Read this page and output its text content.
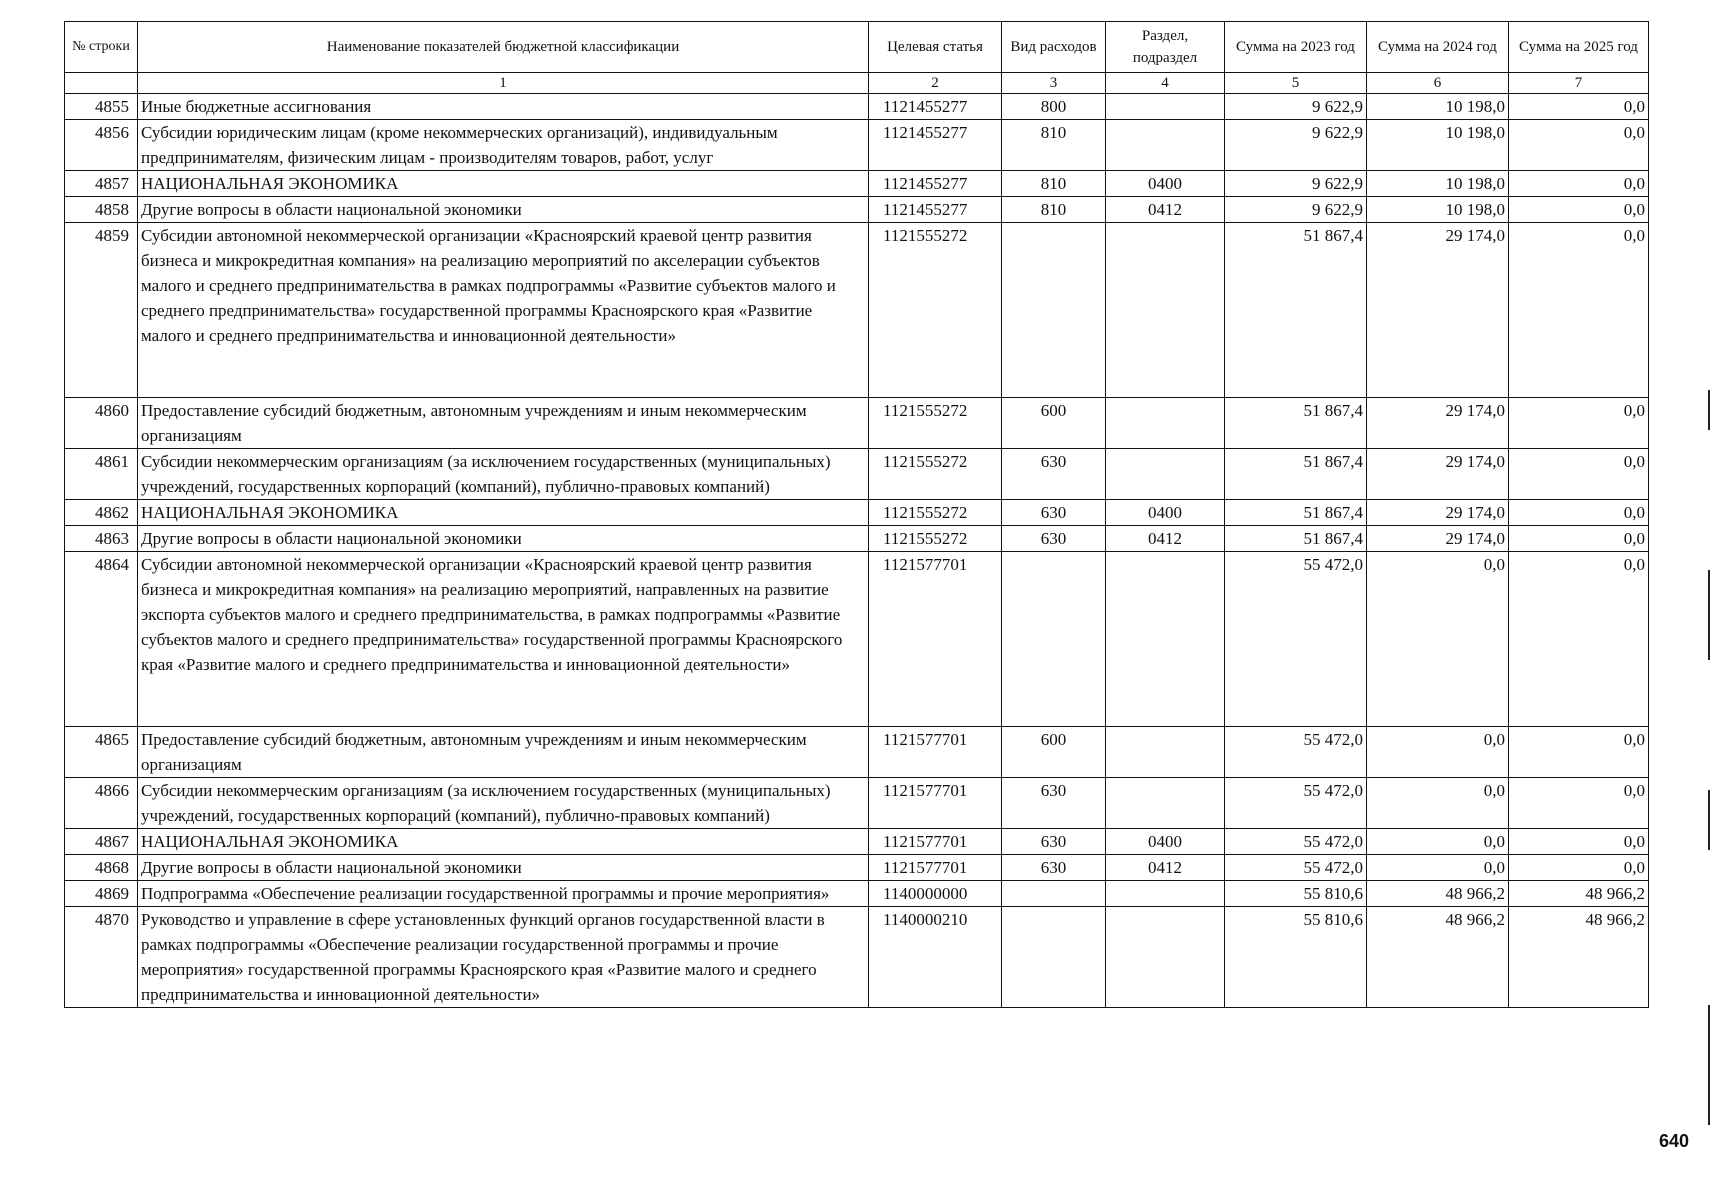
№ строки	Наименование показателей бюджетной классификации	Целевая статья	Вид расходов	Раздел, подраздел	Сумма на 2023 год	Сумма на 2024 год	Сумма на 2025 год
	1	2	3	4	5	6	7
4855	Иные бюджетные ассигнования	1121455277	800		9 622,9	10 198,0	0,0
4856	Субсидии юридическим лицам (кроме некоммерческих организаций), индивидуальным предпринимателям, физическим лицам - производителям товаров, работ, услуг	1121455277	810		9 622,9	10 198,0	0,0
4857	НАЦИОНАЛЬНАЯ ЭКОНОМИКА	1121455277	810	0400	9 622,9	10 198,0	0,0
4858	Другие вопросы в области национальной экономики	1121455277	810	0412	9 622,9	10 198,0	0,0
4859	Субсидии автономной некоммерческой организации «Красноярский краевой центр развития бизнеса и микрокредитная компания» на реализацию мероприятий по акселерации субъектов малого и среднего предпринимательства в рамках подпрограммы «Развитие субъектов малого и среднего предпринимательства» государственной программы Красноярского края «Развитие малого и среднего предпринимательства и инновационной деятельности»	1121555272			51 867,4	29 174,0	0,0
4860	Предоставление субсидий бюджетным, автономным учреждениям и иным некоммерческим организациям	1121555272	600		51 867,4	29 174,0	0,0
4861	Субсидии некоммерческим организациям (за исключением государственных (муниципальных) учреждений, государственных корпораций (компаний), публично-правовых компаний)	1121555272	630		51 867,4	29 174,0	0,0
4862	НАЦИОНАЛЬНАЯ ЭКОНОМИКА	1121555272	630	0400	51 867,4	29 174,0	0,0
4863	Другие вопросы в области национальной экономики	1121555272	630	0412	51 867,4	29 174,0	0,0
4864	Субсидии автономной некоммерческой организации «Красноярский краевой центр развития бизнеса и микрокредитная компания» на реализацию мероприятий, направленных на развитие экспорта субъектов малого и среднего предпринимательства, в рамках подпрограммы «Развитие субъектов малого и среднего предпринимательства» государственной программы Красноярского края «Развитие малого и среднего предпринимательства и инновационной деятельности»	1121577701			55 472,0	0,0	0,0
4865	Предоставление субсидий бюджетным, автономным учреждениям и иным некоммерческим организациям	1121577701	600		55 472,0	0,0	0,0
4866	Субсидии некоммерческим организациям (за исключением государственных (муниципальных) учреждений, государственных корпораций (компаний), публично-правовых компаний)	1121577701	630		55 472,0	0,0	0,0
4867	НАЦИОНАЛЬНАЯ ЭКОНОМИКА	1121577701	630	0400	55 472,0	0,0	0,0
4868	Другие вопросы в области национальной экономики	1121577701	630	0412	55 472,0	0,0	0,0
4869	Подпрограмма «Обеспечение реализации государственной программы и прочие мероприятия»	1140000000			55 810,6	48 966,2	48 966,2
4870	Руководство и управление в сфере установленных функций органов государственной власти в рамках подпрограммы «Обеспечение реализации государственной программы и прочие мероприятия» государственной программы Красноярского края «Развитие малого и среднего предпринимательства и инновационной деятельности»	1140000210			55 810,6	48 966,2	48 966,2
640
